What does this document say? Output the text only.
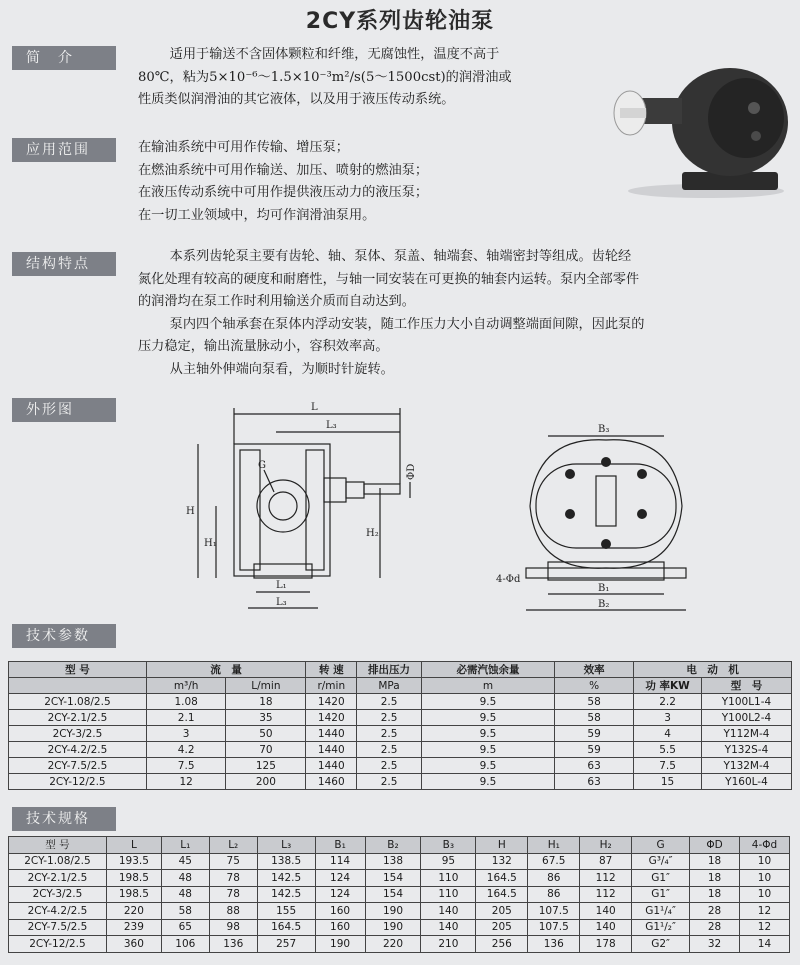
2CY系列齿轮油泵
简　介	适用于输送不含固体颗粒和纤维，无腐蚀性，温度不高于

80℃，粘为5×10⁻⁶～1.5×10⁻³m²/s(5～1500cst)的润滑油或

性质类似润滑油的其它液体，以及用于液压传动系统。

应用范围	在输油系统中可用作传输、增压泵；

在燃油系统中可用作输送、加压、喷射的燃油泵；

在液压传动系统中可用作提供液压动力的液压泵；

在一切工业领域中，均可作润滑油泵用。

结构特点	本系列齿轮泵主要有齿轮、轴、泵体、泵盖、轴端套、轴端密封等组成。齿轮经

氮化处理有较高的硬度和耐磨性，与轴一同安装在可更换的轴套内运转。泵内全部零件

的润滑均在泵工作时利用输送介质而自动达到。

泵内四个轴承套在泵体内浮动安装，随工作压力大小自动调整端面间隙，因此泵的

压力稳定，输出流量脉动小，容积效率高。

从主轴外伸端向泵看，为顺时针旋转。

外形图	L
L₃
ΦD
G
H
H₁
H₂
L₁
L₃
B₃
B₁
B₂
4-Φd
技术参数
型 号	流　量		转 速	排出压力	必需汽蚀余量	效率	电　动　机	
	m³/h	L/min	r/min	MPa	m	%	功 率KW	型　号
2CY-1.08/2.5	1.08	18	1420	2.5	9.5	58	2.2	Y100L1-4
2CY-2.1/2.5	2.1	35	1420	2.5	9.5	58	3	Y100L2-4
2CY-3/2.5	3	50	1440	2.5	9.5	59	4	Y112M-4
2CY-4.2/2.5	4.2	70	1440	2.5	9.5	59	5.5	Y132S-4
2CY-7.5/2.5	7.5	125	1440	2.5	9.5	63	7.5	Y132M-4
2CY-12/2.5	12	200	1460	2.5	9.5	63	15	Y160L-4
技术规格
型 号	L	L₁	L₂	L₃	B₁	B₂	B₃	H	H₁	H₂	G	ΦD	4-Φd
2CY-1.08/2.5	193.5	45	75	138.5	114	138	95	132	67.5	87	G³/₄″	18	10
2CY-2.1/2.5	198.5	48	78	142.5	124	154	110	164.5	86	112	G1″	18	10
2CY-3/2.5	198.5	48	78	142.5	124	154	110	164.5	86	112	G1″	18	10
2CY-4.2/2.5	220	58	88	155	160	190	140	205	107.5	140	G1¹/₄″	28	12
2CY-7.5/2.5	239	65	98	164.5	160	190	140	205	107.5	140	G1¹/₂″	28	12
2CY-12/2.5	360	106	136	257	190	220	210	256	136	178	G2″	32	14
